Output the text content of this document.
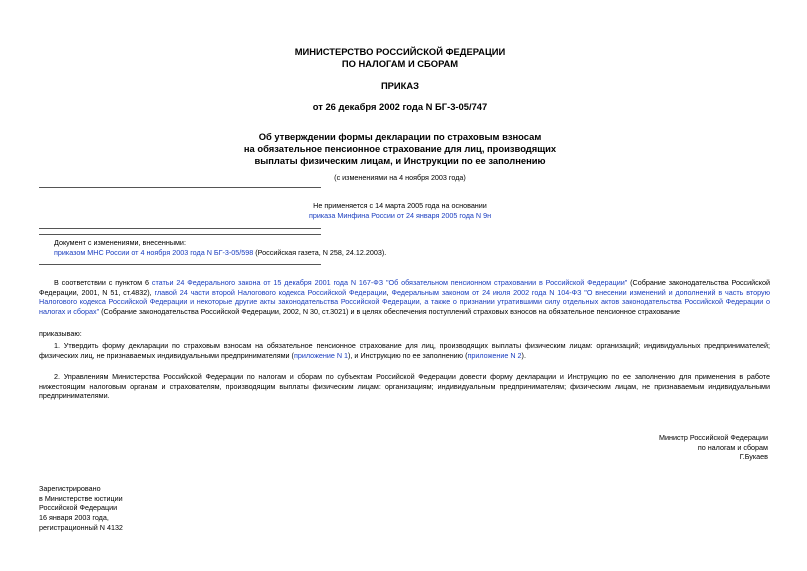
МИНИСТЕРСТВО РОССИЙСКОЙ ФЕДЕРАЦИИ
ПО НАЛОГАМ И СБОРАМ
ПРИКАЗ
от 26 декабря 2002 года N БГ-3-05/747
Об утверждении формы декларации по страховым взносам
на обязательное пенсионное страхование для лиц, производящих
выплаты физическим лицам, и Инструкции по ее заполнению
(с изменениями на 4 ноября 2003 года)
Не применяется с 14 марта 2005 года на основании
приказа Минфина России от 24 января 2005 года N 9н
Документ с изменениями, внесенными:
приказом МНС России от 4 ноября 2003 года N БГ-3-05/598 (Российская газета, N 258, 24.12.2003).

В соответствии с пунктом 6 статьи 24 Федерального закона от 15 декабря 2001 года N 167-ФЗ "Об обязательном пенсионном страховании в Российской Федерации" (Собрание законодательства Российской Федерации, 2001, N 51, ст.4832), главой 24 части второй Налогового кодекса Российской Федерации, Федеральным законом от 24 июля 2002 года N 104-ФЗ "О внесении изменений и дополнений в часть вторую Налогового кодекса Российской Федерации и некоторые другие акты законодательства Российской Федерации, а также о признании утратившими силу отдельных актов законодательства Российской Федерации о налогах и сборах" (Собрание законодательства Российской Федерации, 2002, N 30, ст.3021) и в целях обеспечения поступлений страховых взносов на обязательное пенсионное страхование

приказываю:

1. Утвердить форму декларации по страховым взносам на обязательное пенсионное страхование для лиц, производящих выплаты физическим лицам: организаций; индивидуальных предпринимателей; физических лиц, не признаваемых индивидуальными предпринимателями (приложение N 1), и Инструкцию по ее заполнению (приложение N 2).

2. Управлениям Министерства Российской Федерации по налогам и сборам по субъектам Российской Федерации довести форму декларации и Инструкцию по ее заполнению для применения в работе нижестоящим налоговым органам и страхователям, производящим выплаты физическим лицам: организациям; индивидуальным предпринимателям; физическим лицам, не признаваемым индивидуальными предпринимателями.

Министр Российской Федерации
по налогам и сборам
Г.Букаев
Зарегистрировано
в Министерстве юстиции
Российской Федерации
16 января 2003 года,
регистрационный N 4132
